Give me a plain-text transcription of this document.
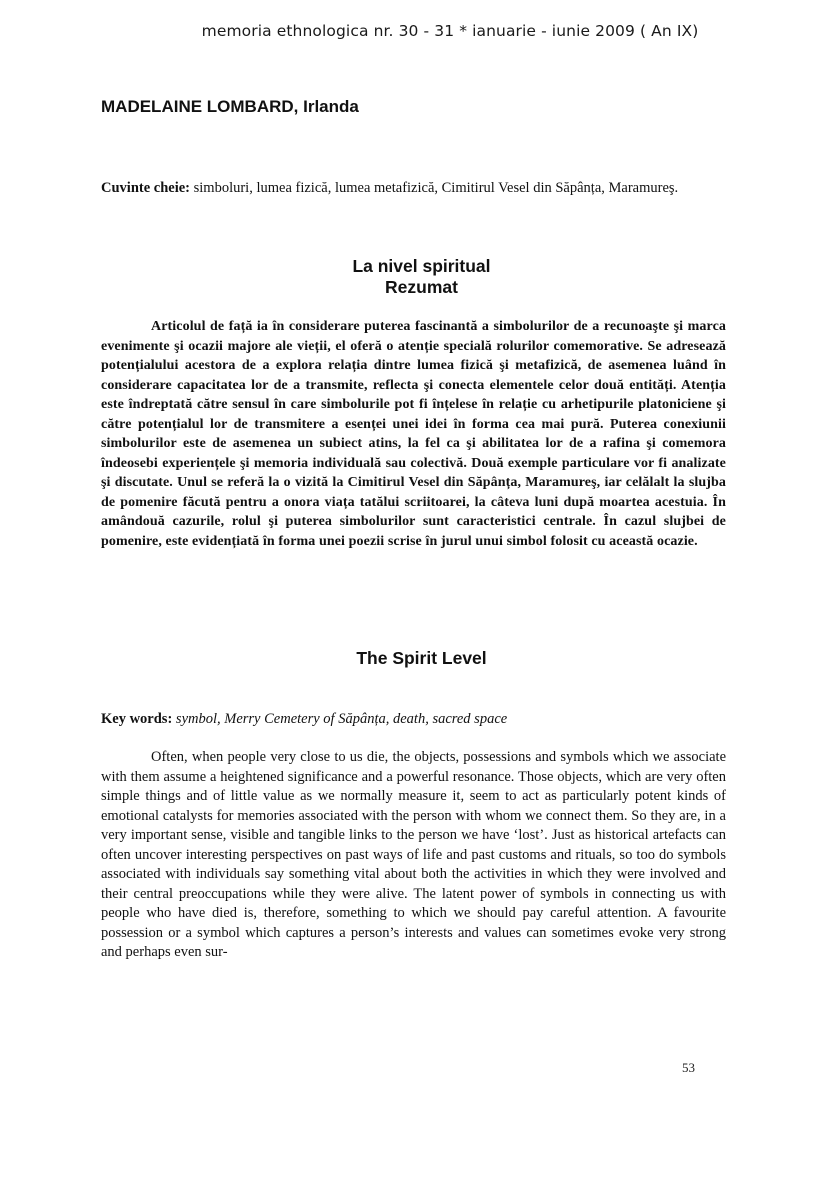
memoria ethnologica nr. 30 - 31 * ianuarie - iunie 2009 ( An IX)
MADELAINE LOMBARD, Irlanda
Cuvinte cheie: simboluri, lumea fizică, lumea metafizică, Cimitirul Vesel din Săpânța, Maramureş.
La nivel spiritual
Rezumat

Articolul de față ia în considerare puterea fascinantă a simbolurilor de a recunoaşte şi marca evenimente şi ocazii majore ale vieții, el oferă o atenție specială rolurilor comemorative. Se adresează potențialului acestora de a explora relația dintre lumea fizică şi metafizică, de asemenea luând în considerare capacitatea lor de a transmite, reflecta şi conecta elementele celor două entități. Atenția este îndreptată către sensul în care simbolurile pot fi înțelese în relație cu arhetipurile platoniciene şi către potențialul lor de transmitere a esenței unei idei în forma cea mai pură. Puterea conexiunii simbolurilor este de asemenea un subiect atins, la fel ca şi abilitatea lor de a rafina şi comemora îndeosebi experiențele şi memoria individuală sau colectivă. Două exemple particulare vor fi analizate şi discutate. Unul se referă la o vizită la Cimitirul Vesel din Săpânța, Maramureş, iar celălalt la slujba de pomenire făcută pentru a onora viața tatălui scriitoarei, la câteva luni după moartea acestuia. În amândouă cazurile, rolul şi puterea simbolurilor sunt caracteristici centrale. În cazul slujbei de pomenire, este evidențiată în forma unei poezii scrise în jurul unui simbol folosit cu această ocazie.

The Spirit Level
Key words: symbol, Merry Cemetery of Săpânța, death, sacred space

Often, when people very close to us die, the objects, possessions and symbols which we associate with them assume a heightened significance and a powerful resonance. Those objects, which are very often simple things and of little value as we normally measure it, seem to act as particularly potent kinds of emotional catalysts for memories associated with the person with whom we connect them. So they are, in a very important sense, visible and tangible links to the person we have ‘lost’. Just as historical artefacts can often uncover interesting perspectives on past ways of life and past customs and rituals, so too do symbols associated with individuals say something vital about both the activities in which they were involved and their central preoccupations while they were alive. The latent power of symbols in connecting us with people who have died is, therefore, something to which we should pay careful attention. A favourite possession or a symbol which captures a person’s interests and values can sometimes evoke very strong and perhaps even sur-

53
